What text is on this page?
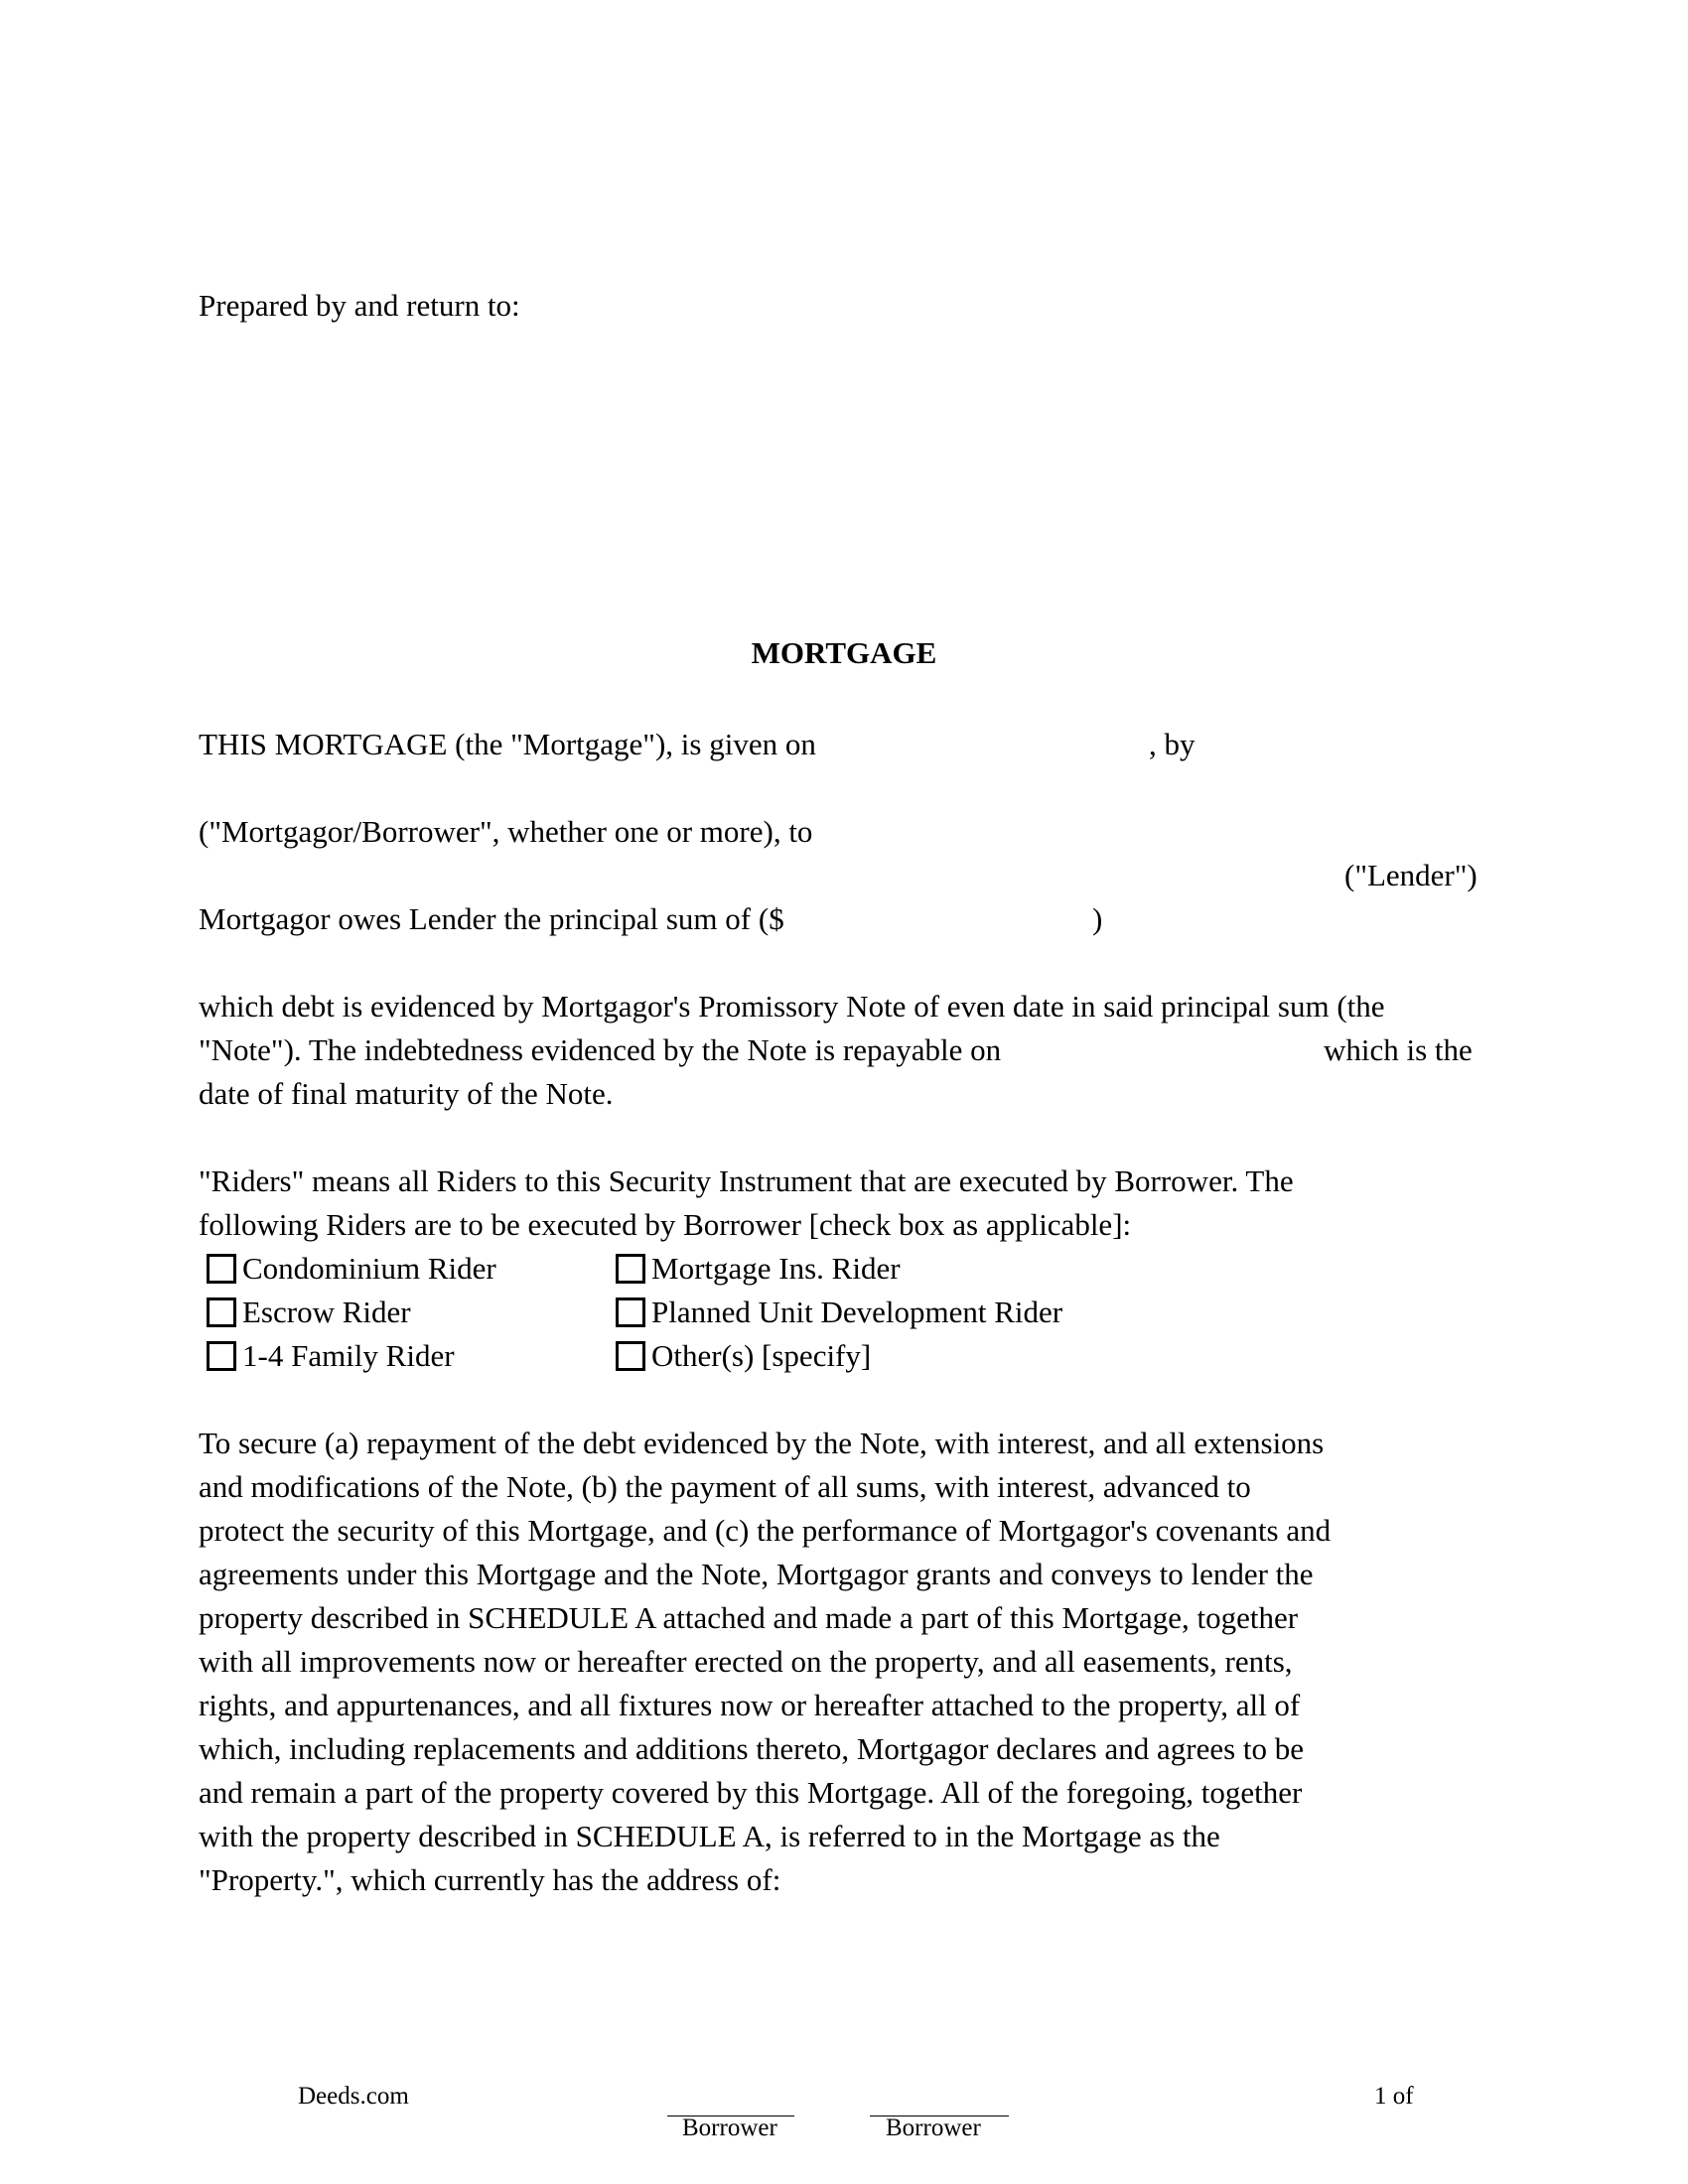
Prepared by and return to:
MORTGAGE
THIS MORTGAGE (the "Mortgage"), is given on	, by
("Mortgagor/Borrower", whether one or more), to
("Lender")
Mortgagor owes Lender the principal sum of ($	)
which debt is evidenced by Mortgagor's Promissory Note of even date in said principal sum (the
"Note"). The indebtedness evidenced by the Note is repayable on	which is the
date of final maturity of the Note.
"Riders" means all Riders to this Security Instrument that are executed by Borrower. The
following Riders are to be executed by Borrower [check box as applicable]:
Condominium Rider	Mortgage Ins. Rider
Escrow Rider	Planned Unit Development Rider
1-4 Family Rider	Other(s) [specify]
To secure (a) repayment of the debt evidenced by the Note, with interest, and all extensions
and modifications of the Note, (b) the payment of all sums, with interest, advanced to
protect the security of this Mortgage, and (c) the performance of Mortgagor's covenants and
agreements under this Mortgage and the Note, Mortgagor grants and conveys to lender the
property described in SCHEDULE A attached and made a part of this Mortgage, together
with all improvements now or hereafter erected on the property, and all easements, rents,
rights, and appurtenances, and all fixtures now or hereafter attached to the property, all of
which, including replacements and additions thereto, Mortgagor declares and agrees to be
and remain a part of the property covered by this Mortgage. All of the foregoing, together
with the property described in SCHEDULE A, is referred to in the Mortgage as the
"Property.", which currently has the address of:
Deeds.com
Borrower	Borrower
1 of
